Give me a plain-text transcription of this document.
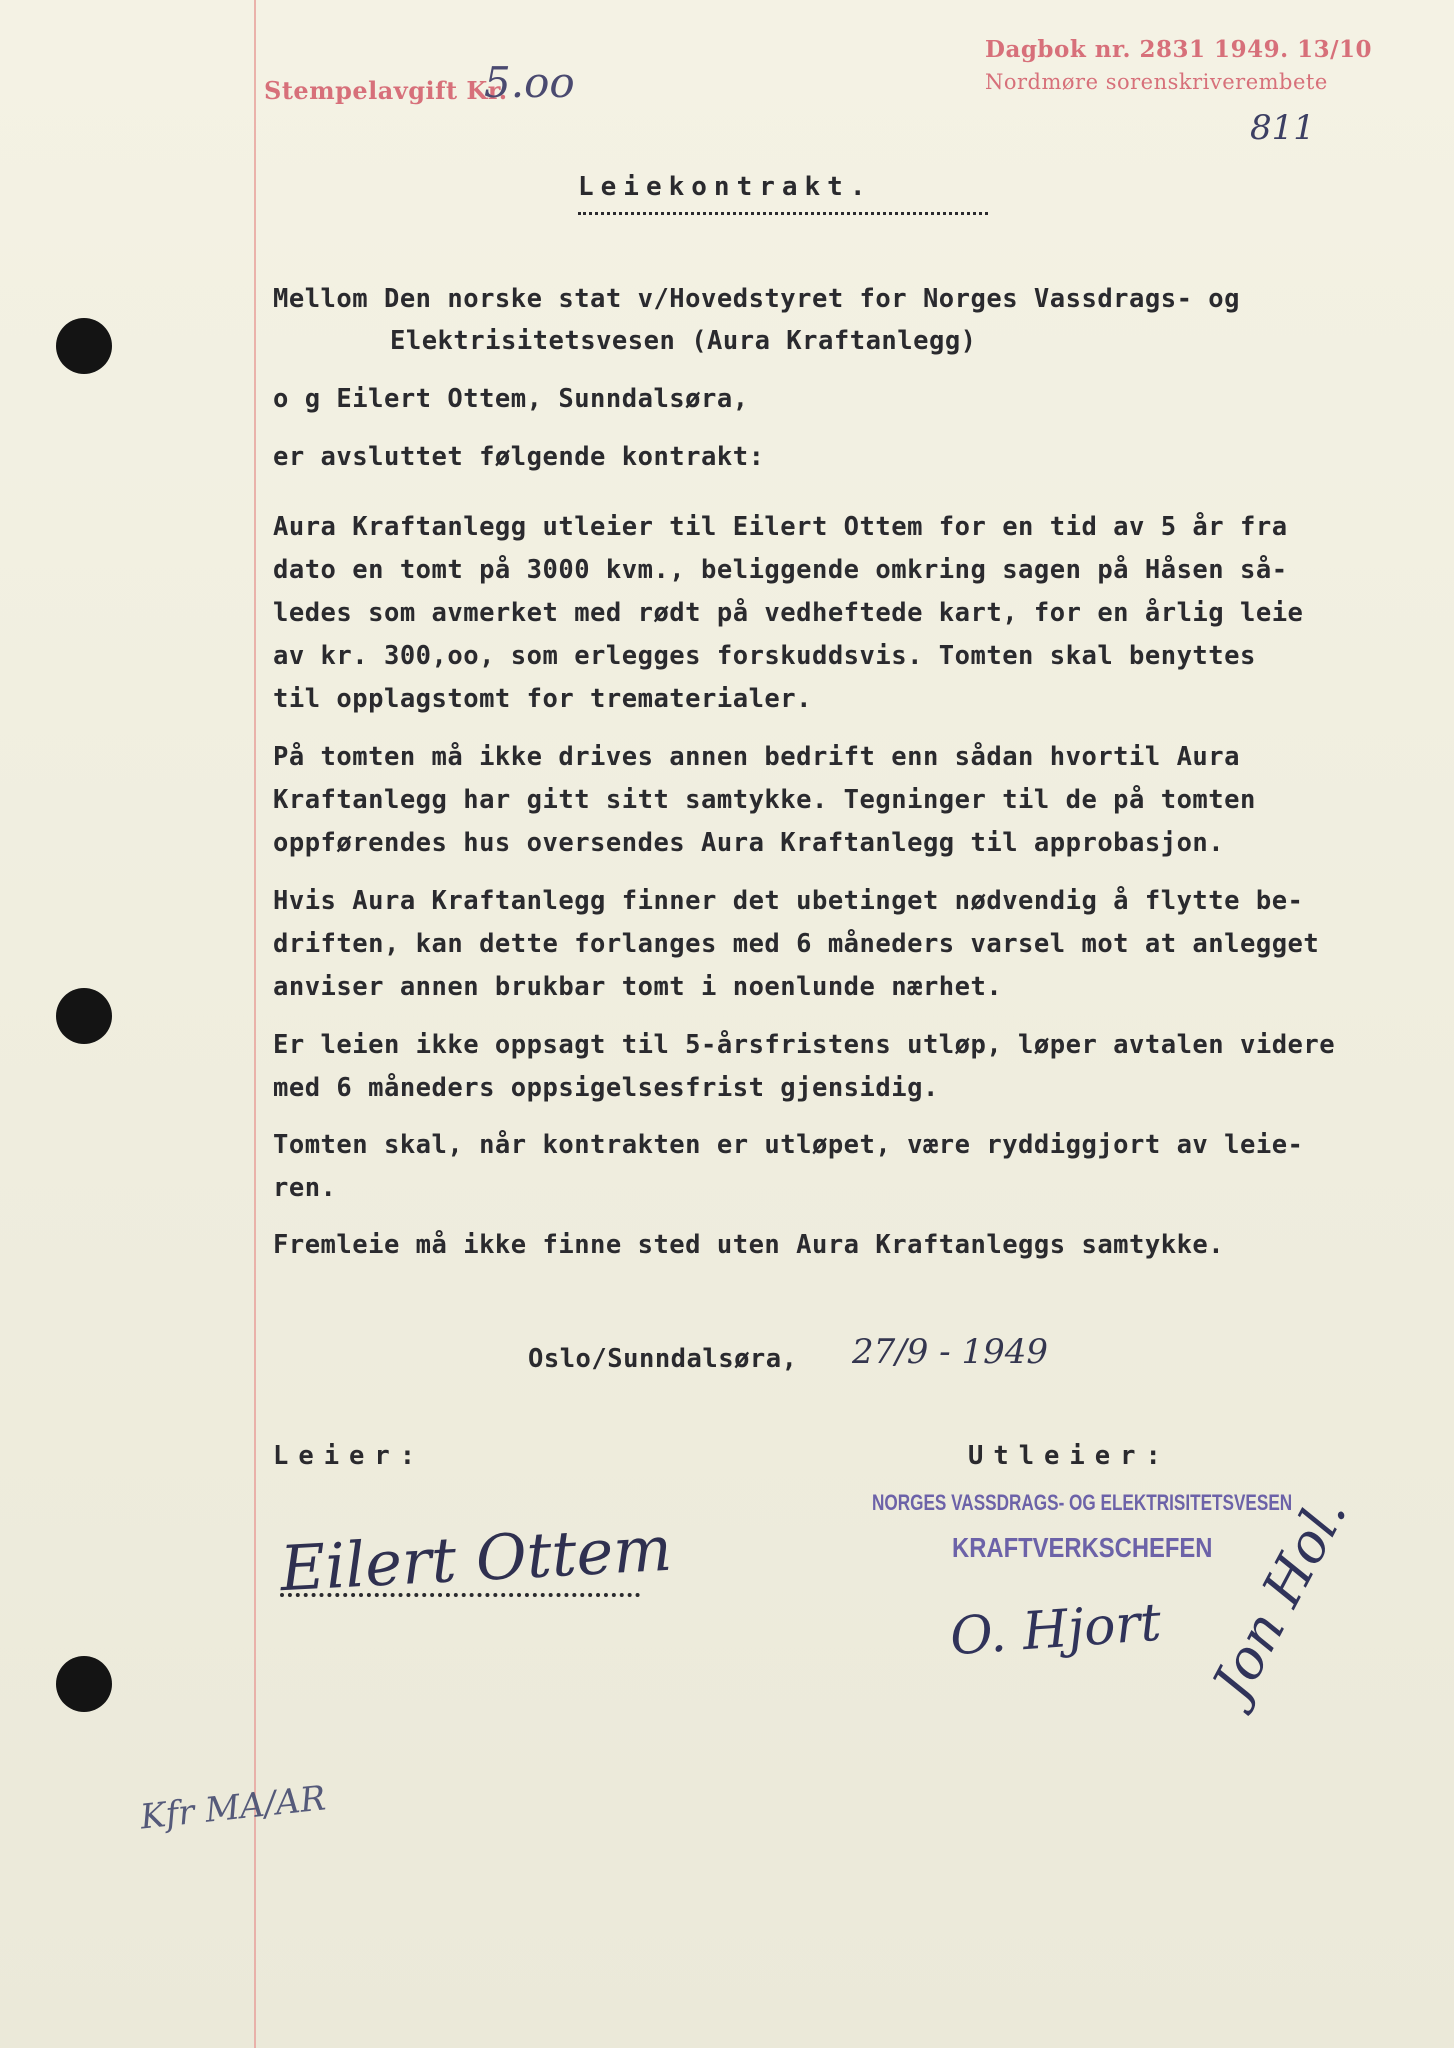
Stempelavgift Kr.
5.oo
Dagbok nr. 2831 1949. 13/10
Nordmøre sorenskriverembete
811
Leiekontrakt.
Mellom Den norske stat v/Hovedstyret for Norges Vassdrags- og
Elektrisitetsvesen (Aura Kraftanlegg)
o g Eilert Ottem, Sunndalsøra,
er avsluttet følgende kontrakt:
Aura Kraftanlegg utleier til Eilert Ottem for en tid av 5 år fra
dato en tomt på 3000 kvm., beliggende omkring sagen på Håsen så-
ledes som avmerket med rødt på vedheftede kart, for en årlig leie
av kr. 300,oo, som erlegges forskuddsvis. Tomten skal benyttes
til opplagstomt for trematerialer.
På tomten må ikke drives annen bedrift enn sådan hvortil Aura
Kraftanlegg har gitt sitt samtykke. Tegninger til de på tomten
oppførendes hus oversendes Aura Kraftanlegg til approbasjon.
Hvis Aura Kraftanlegg finner det ubetinget nødvendig å flytte be-
driften, kan dette forlanges med 6 måneders varsel mot at anlegget
anviser annen brukbar tomt i noenlunde nærhet.
Er leien ikke oppsagt til 5-årsfristens utløp, løper avtalen videre
med 6 måneders oppsigelsesfrist gjensidig.
Tomten skal, når kontrakten er utløpet, være ryddiggjort av leie-
ren.
Fremleie må ikke finne sted uten Aura Kraftanleggs samtykke.
Oslo/Sunndalsøra, 27/9 - 1949
Leier:	Utleier:
NORGES VASSDRAGS- OG ELEKTRISITETSVESEN
KRAFTVERKSCHEFEN
Eilert Ottem
O. Hjort Jon Hol.
Kfr MA/AR
